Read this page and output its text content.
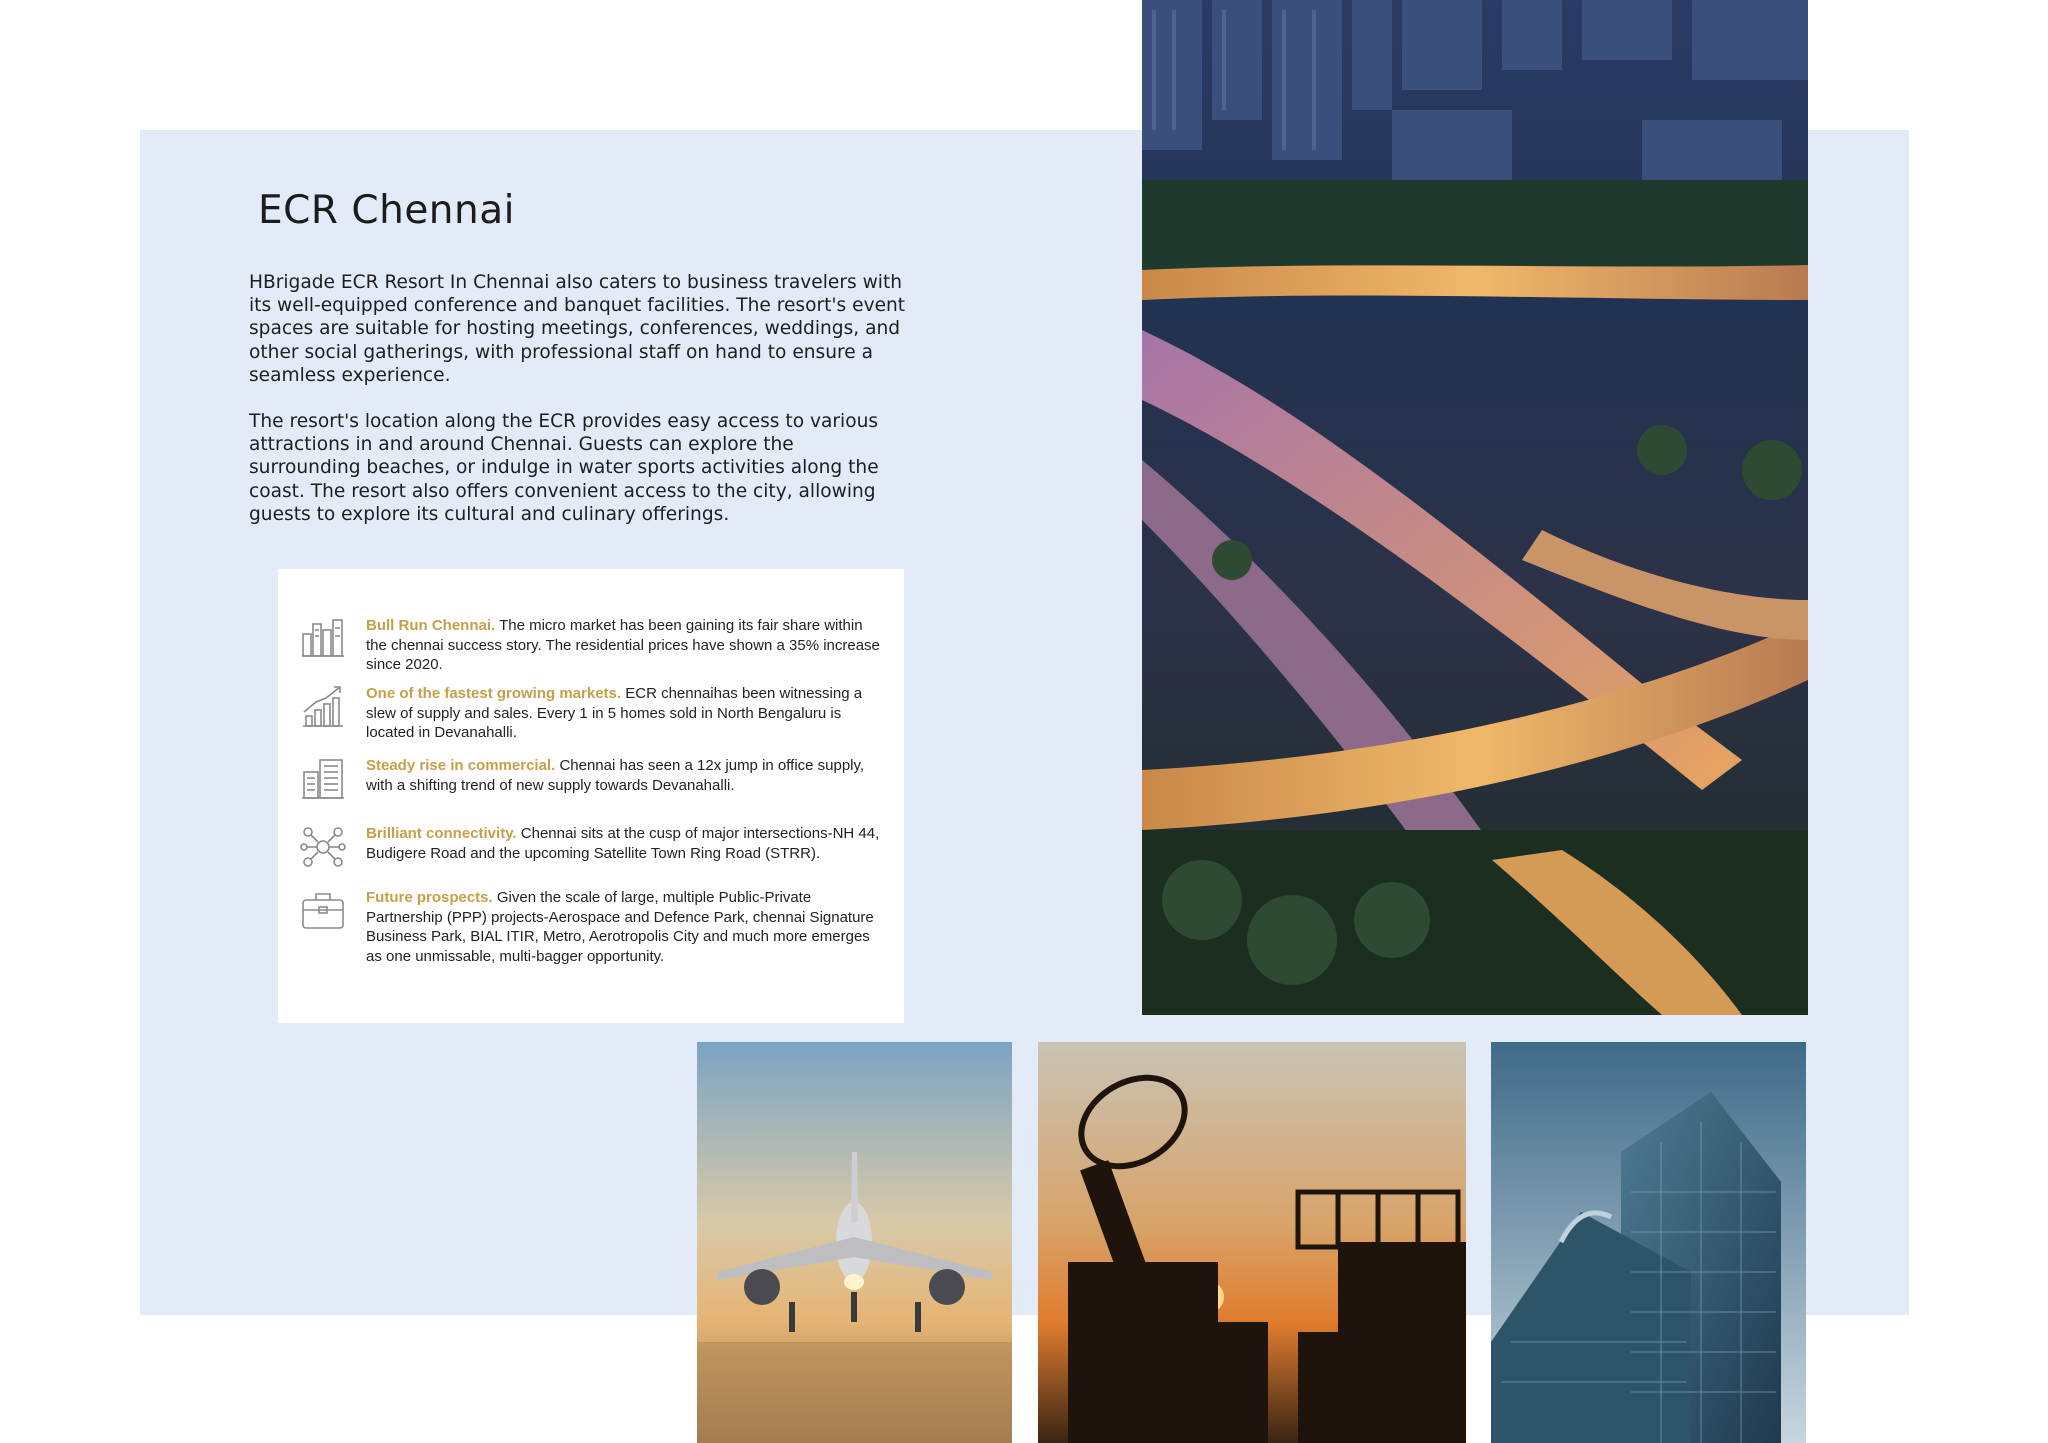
ECR Chennai

HBrigade ECR Resort In Chennai also caters to business travelers with its well-equipped conference and banquet facilities. The resort's event spaces are suitable for hosting meetings, conferences, weddings, and other social gatherings, with professional staff on hand to ensure a seamless experience.

The resort's location along the ECR provides easy access to various attractions in and around Chennai. Guests can explore the surrounding beaches, or indulge in water sports activities along the coast. The resort also offers convenient access to the city, allowing guests to explore its cultural and culinary offerings.

Bull Run Chennai. The micro market has been gaining its fair share within the chennai success story. The residential prices have shown a 35% increase since 2020.
One of the fastest growing markets. ECR chennaihas been witnessing a slew of supply and sales. Every 1 in 5 homes sold in North Bengaluru is located in Devanahalli.
Steady rise in commercial. Chennai has seen a 12x jump in office supply, with a shifting trend of new supply towards Devanahalli.
Brilliant connectivity. Chennai sits at the cusp of major intersections-NH 44, Budigere Road and the upcoming Satellite Town Ring Road (STRR).
Future prospects. Given the scale of large, multiple Public-Private Partnership (PPP) projects-Aerospace and Defence Park, chennai Signature Business Park, BIAL ITIR, Metro, Aerotropolis City and much more emerges as one unmissable, multi-bagger opportunity.
